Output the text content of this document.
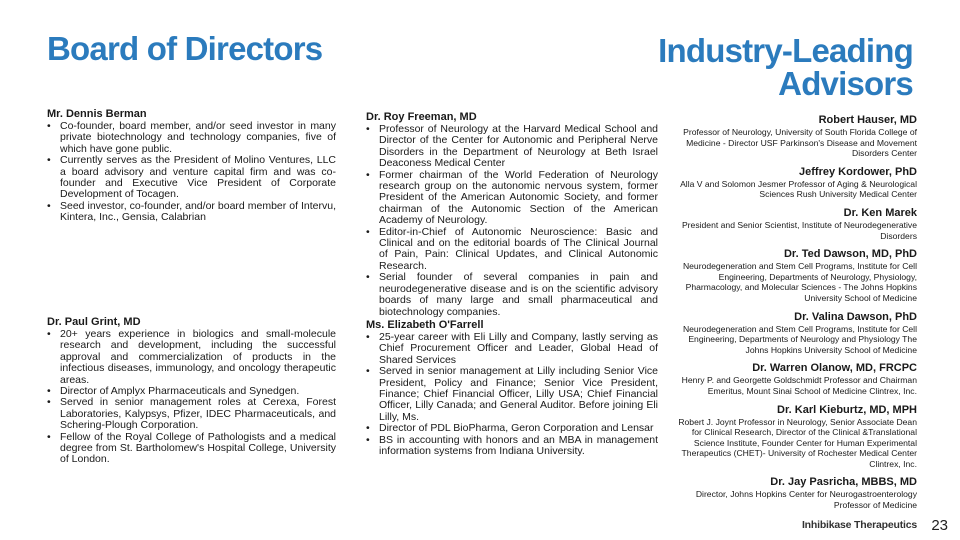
Board of Directors	Industry-Leading Advisors
Mr. Dennis Berman
• Co-founder, board member, and/or seed investor in many private biotechnology and technology companies, five of which have gone public.
• Currently serves as the President of Molino Ventures, LLC a board advisory and venture capital firm and was co-founder and Executive Vice President of Corporate Development of Tocagen.
• Seed investor, co-founder, and/or board member of Intervu, Kintera, Inc., Gensia, Calabrian
Dr. Paul Grint, MD
• 20+ years experience in biologics and small-molecule research and development, including the successful approval and commercialization of products in the infectious diseases, immunology, and oncology therapeutic areas.
• Director of Amplyx Pharmaceuticals and Synedgen.
• Served in senior management roles at Cerexa, Forest Laboratories, Kalypsys, Pfizer, IDEC Pharmaceuticals, and Schering-Plough Corporation.
• Fellow of the Royal College of Pathologists and a medical degree from St. Bartholomew's Hospital College, University of London.
Dr. Roy Freeman, MD
• Professor of Neurology at the Harvard Medical School and Director of the Center for Autonomic and Peripheral Nerve Disorders in the Department of Neurology at Beth Israel Deaconess Medical Center
• Former chairman of the World Federation of Neurology research group on the autonomic nervous system, former President of the American Autonomic Society, and former chairman of the Autonomic Section of the American Academy of Neurology.
• Editor-in-Chief of Autonomic Neuroscience: Basic and Clinical and on the editorial boards of The Clinical Journal of Pain, Pain: Clinical Updates, and Clinical Autonomic Research.
• Serial founder of several companies in pain and neurodegenerative disease and is on the scientific advisory boards of many large and small pharmaceutical and biotechnology companies.
Ms. Elizabeth O'Farrell
• 25-year career with Eli Lilly and Company, lastly serving as Chief Procurement Officer and Leader, Global Head of Shared Services
• Served in senior management at Lilly including Senior Vice President, Policy and Finance; Senior Vice President, Finance; Chief Financial Officer, Lilly USA; Chief Financial Officer, Lilly Canada; and General Auditor. Before joining Eli Lilly, Ms.
• Director of PDL BioPharma, Geron Corporation and Lensar
• BS in accounting with honors and an MBA in management information systems from Indiana University.
Robert Hauser, MD
Professor of Neurology, University of South Florida College of Medicine - Director USF Parkinson's Disease and Movement Disorders Center
Jeffrey Kordower, PhD
Alla V and Solomon Jesmer Professor of Aging & Neurological Sciences Rush University Medical Center
Dr. Ken Marek
President and Senior Scientist, Institute of Neurodegenerative Disorders
Dr. Ted Dawson, MD, PhD
Neurodegeneration and Stem Cell Programs, Institute for Cell Engineering, Departments of Neurology, Physiology, Pharmacology, and Molecular Sciences - The Johns Hopkins University School of Medicine
Dr. Valina Dawson, PhD
Neurodegeneration and Stem Cell Programs, Institute for Cell Engineering, Departments of Neurology and Physiology The Johns Hopkins University School of Medicine
Dr. Warren Olanow, MD, FRCPC
Henry P. and Georgette Goldschmidt Professor and Chairman Emeritus, Mount Sinai School of Medicine Clintrex, Inc.
Dr. Karl Kieburtz, MD, MPH
Robert J. Joynt Professor in Neurology, Senior Associate Dean for Clinical Research, Director of the Clinical &Translational Science Institute, Founder Center for Human Experimental Therapeutics (CHET)- University of Rochester Medical Center Clintrex, Inc.
Dr. Jay Pasricha, MBBS, MD
Director, Johns Hopkins Center for Neurogastroenterology Professor of Medicine
Inhibikase Therapeutics 23
